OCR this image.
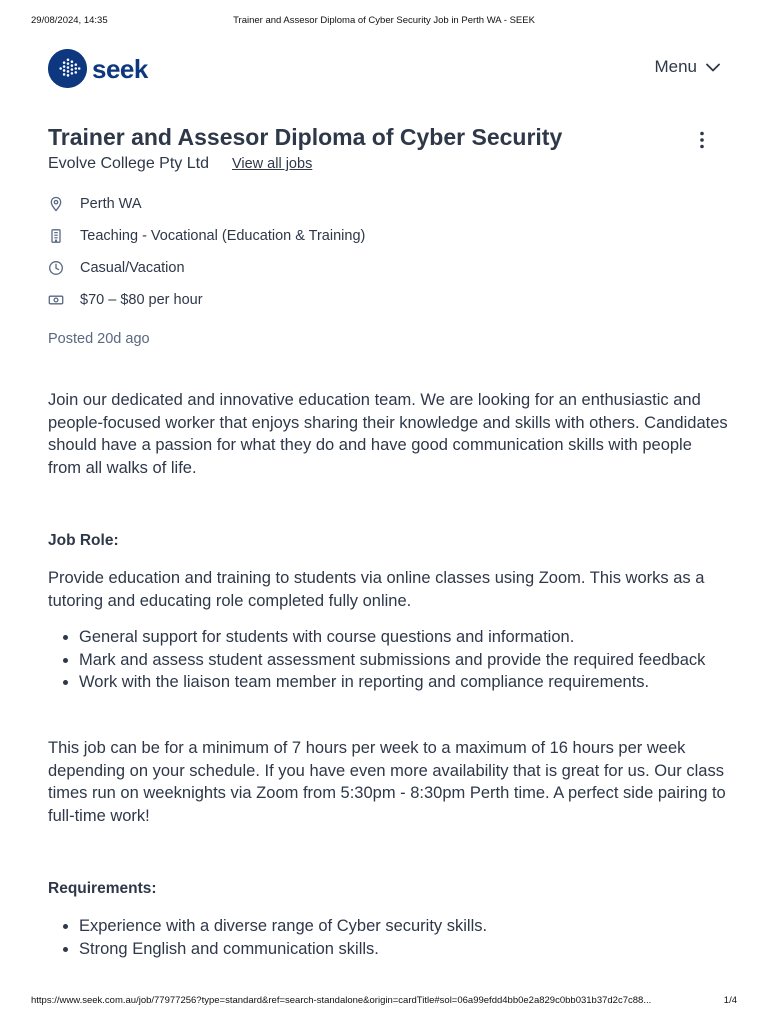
29/08/2024, 14:35	Trainer and Assesor Diploma of Cyber Security Job in Perth WA - SEEK
seek	Menu
Trainer and Assesor Diploma of Cyber Security
Evolve College Pty Ltd View all jobs
Perth WA
Teaching - Vocational (Education & Training)
Casual/Vacation
$70 – $80 per hour
Posted 20d ago

Join our dedicated and innovative education team. We are looking for an enthusiastic and people-focused worker that enjoys sharing their knowledge and skills with others. Candidates should have a passion for what they do and have good communication skills with people from all walks of life.

Job Role:

Provide education and training to students via online classes using Zoom. This works as a tutoring and educating role completed fully online.

• General support for students with course questions and information.
• Mark and assess student assessment submissions and provide the required feedback
• Work with the liaison team member in reporting and compliance requirements.

This job can be for a minimum of 7 hours per week to a maximum of 16 hours per week depending on your schedule. If you have even more availability that is great for us. Our class times run on weeknights via Zoom from 5:30pm - 8:30pm Perth time. A perfect side pairing to full-time work!

Requirements:
• Experience with a diverse range of Cyber security skills.
• Strong English and communication skills.
https://www.seek.com.au/job/77977256?type=standard&ref=search-standalone&origin=cardTitle#sol=06a99efdd4bb0e2a829c0bb031b37d2c7c88...	1/4
